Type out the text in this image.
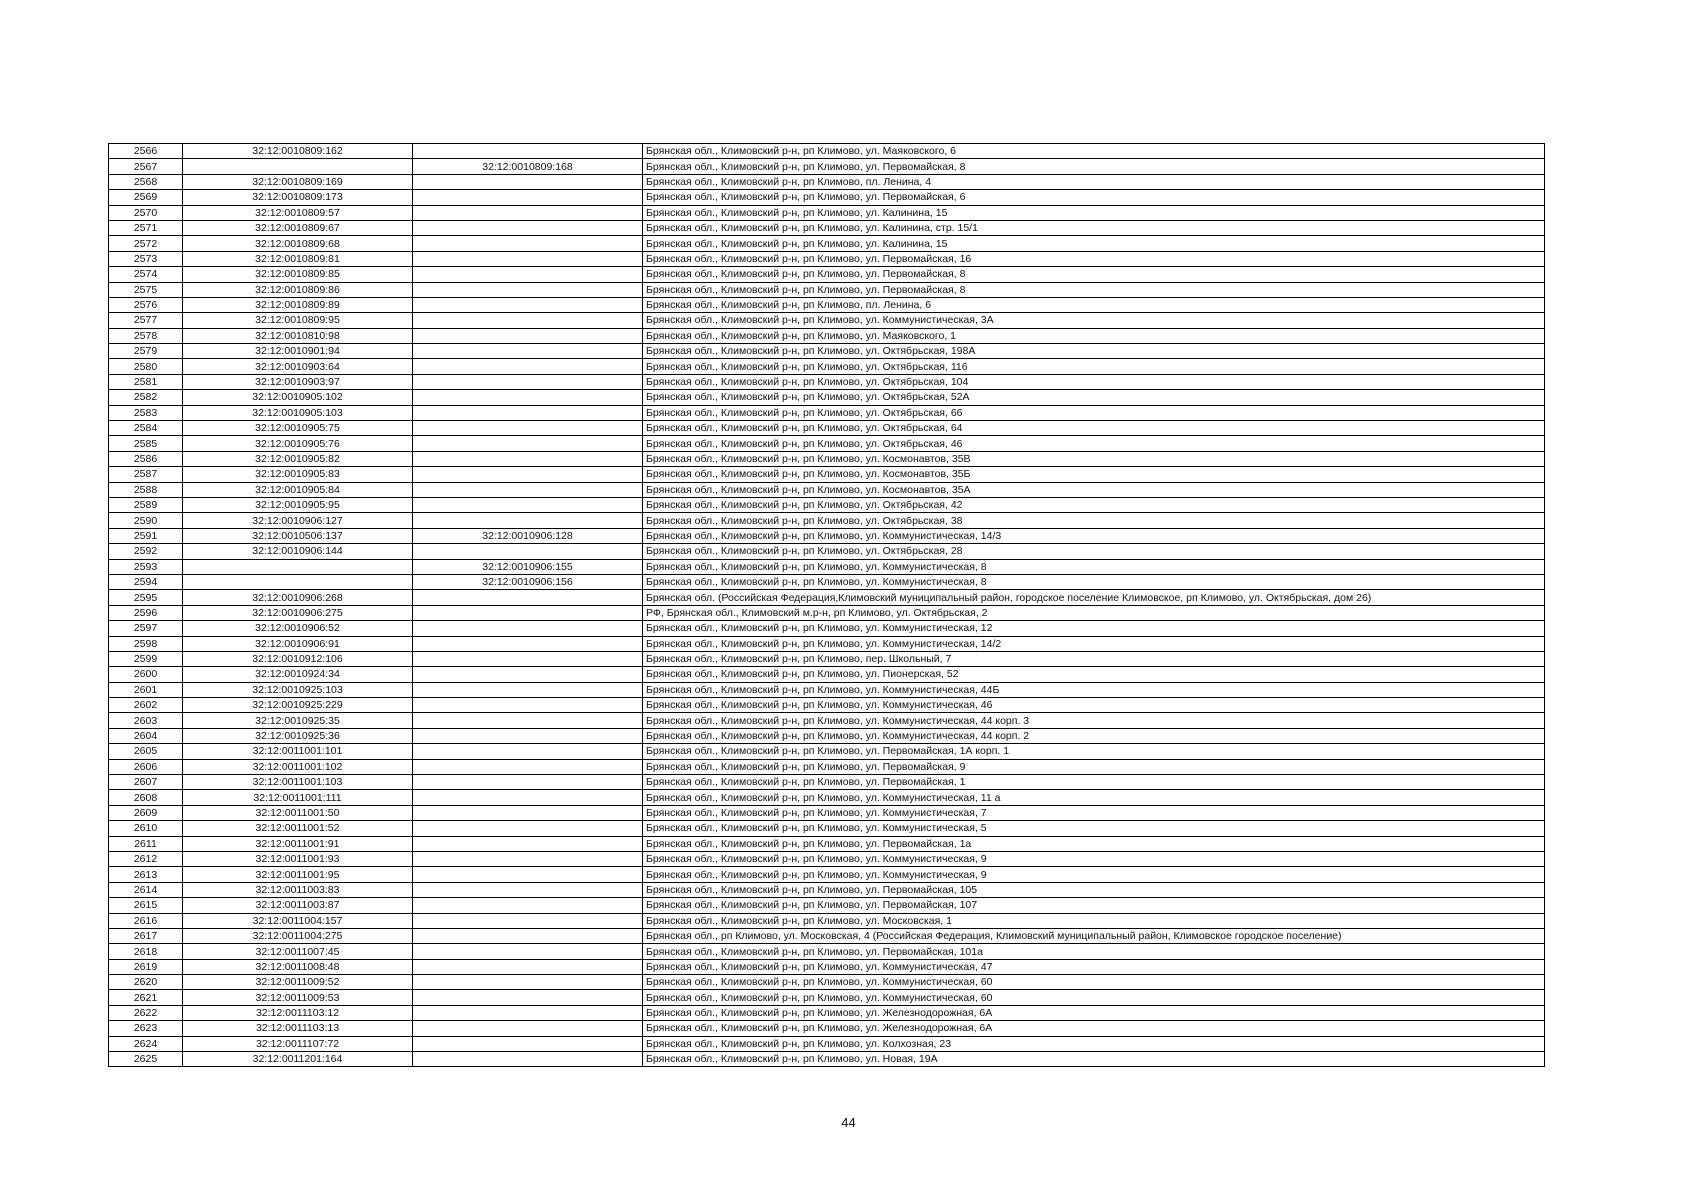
2566	32:12:0010809:162		Брянская обл., Климовский р-н, рп Климово, ул. Маяковского, 6
2567		32:12:0010809:168	Брянская обл., Климовский р-н, рп Климово, ул. Первомайская, 8
2568	32:12:0010809:169		Брянская обл., Климовский р-н, рп Климово, пл. Ленина, 4
2569	32:12:0010809:173		Брянская обл., Климовский р-н, рп Климово, ул. Первомайская, 6
2570	32:12:0010809:57		Брянская обл., Климовский р-н, рп Климово, ул. Калинина, 15
2571	32:12:0010809:67		Брянская обл., Климовский р-н, рп Климово, ул. Калинина, стр. 15/1
2572	32:12:0010809:68		Брянская обл., Климовский р-н, рп Климово, ул. Калинина, 15
2573	32:12:0010809:81		Брянская обл., Климовский р-н, рп Климово, ул. Первомайская, 16
2574	32:12:0010809:85		Брянская обл., Климовский р-н, рп Климово, ул. Первомайская, 8
2575	32:12:0010809:86		Брянская обл., Климовский р-н, рп Климово, ул. Первомайская, 8
2576	32:12:0010809:89		Брянская обл., Климовский р-н, рп Климово, пл. Ленина, 6
2577	32:12:0010809:95		Брянская обл., Климовский р-н, рп Климово, ул. Коммунистическая, 3А
2578	32:12:0010810:98		Брянская обл., Климовский р-н, рп Климово, ул. Маяковского, 1
2579	32:12:0010901:94		Брянская обл., Климовский р-н, рп Климово, ул. Октябрьская, 198А
2580	32:12:0010903:64		Брянская обл., Климовский р-н, рп Климово, ул. Октябрьская, 116
2581	32:12:0010903:97		Брянская обл., Климовский р-н, рп Климово, ул. Октябрьская, 104
2582	32:12:0010905:102		Брянская обл., Климовский р-н, рп Климово, ул. Октябрьская, 52А
2583	32:12:0010905:103		Брянская обл., Климовский р-н, рп Климово, ул. Октябрьская, 66
2584	32:12:0010905:75		Брянская обл., Климовский р-н, рп Климово, ул. Октябрьская, 64
2585	32:12:0010905:76		Брянская обл., Климовский р-н, рп Климово, ул. Октябрьская, 46
2586	32:12:0010905:82		Брянская обл., Климовский р-н, рп Климово, ул. Космонавтов, 35В
2587	32:12:0010905:83		Брянская обл., Климовский р-н, рп Климово, ул. Космонавтов, 35Б
2588	32:12:0010905:84		Брянская обл., Климовский р-н, рп Климово, ул. Космонавтов, 35А
2589	32:12:0010905:95		Брянская обл., Климовский р-н, рп Климово, ул. Октябрьская, 42
2590	32:12:0010906:127		Брянская обл., Климовский р-н, рп Климово, ул. Октябрьская, 38
2591	32:12:0010506:137	32:12:0010906:128	Брянская обл., Климовский р-н, рп Климово, ул. Коммунистическая, 14/3
2592	32:12:0010906:144		Брянская обл., Климовский р-н, рп Климово, ул. Октябрьская, 28
2593		32:12:0010906:155	Брянская обл., Климовский р-н, рп Климово, ул. Коммунистическая, 8
2594		32:12:0010906:156	Брянская обл., Климовский р-н, рп Климово, ул. Коммунистическая, 8
2595	32:12:0010906:268		Брянская обл. (Российская Федерация,Климовский муниципальный район, городское поселение Климовское, рп Климово, ул. Октябрьская, дом 26)
2596	32:12:0010906:275		РФ, Брянская обл., Климовский м.р-н, рп Климово, ул. Октябрьская, 2
2597	32:12:0010906:52		Брянская обл., Климовский р-н, рп Климово, ул. Коммунистическая, 12
2598	32:12:0010906:91		Брянская обл., Климовский р-н, рп Климово, ул. Коммунистическая, 14/2
2599	32:12:0010912:106		Брянская обл., Климовский р-н, рп Климово, пер. Школьный, 7
2600	32:12:0010924:34		Брянская обл., Климовский р-н, рп Климово, ул. Пионерская, 52
2601	32:12:0010925:103		Брянская обл., Климовский р-н, рп Климово, ул. Коммунистическая, 44Б
2602	32:12:0010925:229		Брянская обл., Климовский р-н, рп Климово, ул. Коммунистическая, 46
2603	32:12:0010925:35		Брянская обл., Климовский р-н, рп Климово, ул. Коммунистическая, 44 корп. 3
2604	32:12:0010925:36		Брянская обл., Климовский р-н, рп Климово, ул. Коммунистическая, 44 корп. 2
2605	32:12:0011001:101		Брянская обл., Климовский р-н, рп Климово, ул. Первомайская, 1А корп. 1
2606	32:12:0011001:102		Брянская обл., Климовский р-н, рп Климово, ул. Первомайская, 9
2607	32:12:0011001:103		Брянская обл., Климовский р-н, рп Климово, ул. Первомайская, 1
2608	32:12:0011001:111		Брянская обл., Климовский р-н, рп Климово, ул. Коммунистическая, 11 а
2609	32:12:0011001:50		Брянская обл., Климовский р-н, рп Климово, ул. Коммунистическая, 7
2610	32:12:0011001:52		Брянская обл., Климовский р-н, рп Климово, ул. Коммунистическая, 5
2611	32:12:0011001:91		Брянская обл., Климовский р-н, рп Климово, ул. Первомайская, 1а
2612	32:12:0011001:93		Брянская обл., Климовский р-н, рп Климово, ул. Коммунистическая, 9
2613	32:12:0011001:95		Брянская обл., Климовский р-н, рп Климово, ул. Коммунистическая, 9
2614	32:12:0011003:83		Брянская обл., Климовский р-н, рп Климово, ул. Первомайская, 105
2615	32:12:0011003:87		Брянская обл., Климовский р-н, рп Климово, ул. Первомайская, 107
2616	32:12:0011004:157		Брянская обл., Климовский р-н, рп Климово, ул. Московская, 1
2617	32:12:0011004:275		Брянская обл., рп Климово, ул. Московская, 4 (Российская Федерация, Климовский муниципальный район, Климовское городское поселение)
2618	32:12:0011007:45		Брянская обл., Климовский р-н, рп Климово, ул. Первомайская, 101а
2619	32:12:0011008:48		Брянская обл., Климовский р-н, рп Климово, ул. Коммунистическая, 47
2620	32:12:0011009:52		Брянская обл., Климовский р-н, рп Климово, ул. Коммунистическая, 60
2621	32:12:0011009:53		Брянская обл., Климовский р-н, рп Климово, ул. Коммунистическая, 60
2622	32:12:0011103:12		Брянская обл., Климовский р-н, рп Климово, ул. Железнодорожная, 6А
2623	32:12:0011103:13		Брянская обл., Климовский р-н, рп Климово, ул. Железнодорожная, 6А
2624	32:12:0011107:72		Брянская обл., Климовский р-н, рп Климово, ул. Колхозная, 23
2625	32:12:0011201:164		Брянская обл., Климовский р-н, рп Климово, ул. Новая, 19А
44
